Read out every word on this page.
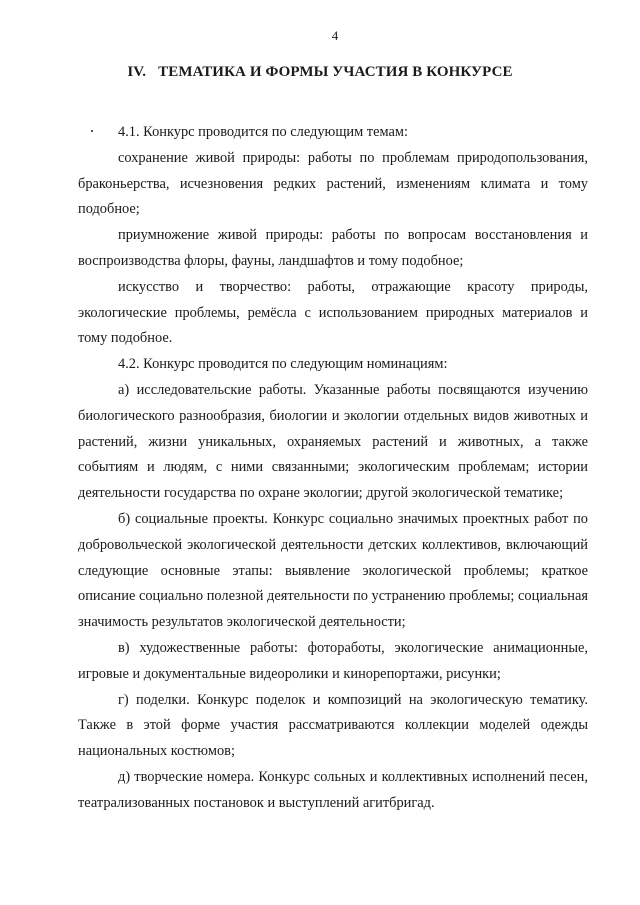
4
IV. ТЕМАТИКА И ФОРМЫ УЧАСТИЯ В КОНКУРСЕ

4.1. Конкурс проводится по следующим темам:

сохранение живой природы: работы по проблемам природопользования, браконьерства, исчезновения редких растений, изменениям климата и тому подобное;

приумножение живой природы: работы по вопросам восстановления и воспроизводства флоры, фауны, ландшафтов и тому подобное;

искусство и творчество: работы, отражающие красоту природы, экологические проблемы, ремёсла с использованием природных материалов и тому подобное.

4.2. Конкурс проводится по следующим номинациям:

а) исследовательские работы. Указанные работы посвящаются изучению биологического разнообразия, биологии и экологии отдельных видов животных и растений, жизни уникальных, охраняемых растений и животных, а также событиям и людям, с ними связанными; экологическим проблемам; истории деятельности государства по охране экологии; другой экологической тематике;

б) социальные проекты. Конкурс социально значимых проектных работ по добровольческой экологической деятельности детских коллективов, включающий следующие основные этапы: выявление экологической проблемы; краткое описание социально полезной деятельности по устранению проблемы; социальная значимость результатов экологической деятельности;

в) художественные работы: фотоработы, экологические анимационные, игровые и документальные видеоролики и кинорепортажи, рисунки;

г) поделки. Конкурс поделок и композиций на экологическую тематику. Также в этой форме участия рассматриваются коллекции моделей одежды национальных костюмов;

д) творческие номера. Конкурс сольных и коллективных исполнений песен, театрализованных постановок и выступлений агитбригад.
